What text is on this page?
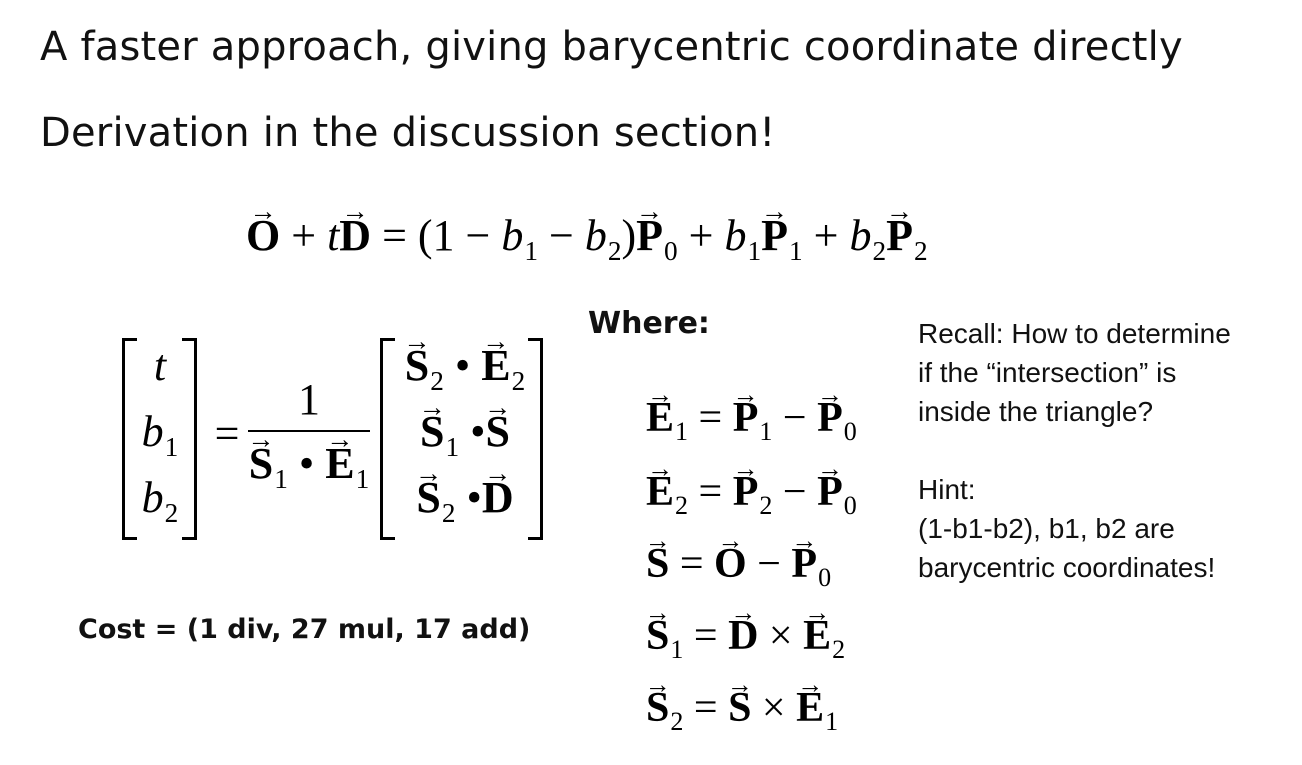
A faster approach, giving barycentric coordinate directly
Derivation in the discussion section!
→ $O + t\to D = (1 - b_1 - b_2)\to P_0 + b_1\to P_1 + b_2\to P_2$
t
$b_1$
$b_2$
=
1
→ $S_1$ • → $E_1$
→ $S_2$ • → $E_2$
→ $S_1$ •→ S
→ $S_2$ •→ D
Where:
Cost = (1 div, 27 mul, 17 add)
→ $E_1$ = → $P_1$ − → $P_0$
→ $E_2$ = → $P_2$ − → $P_0$
→ S = → O − → $P_0$
→ $S_1$ = → D × → $E_2$
→ $S_2$ = → S × → $E_1$
Recall: How to determine
if the “intersection” is
inside the triangle?
Hint:
(1-b1-b2), b1, b2 are
barycentric coordinates!
